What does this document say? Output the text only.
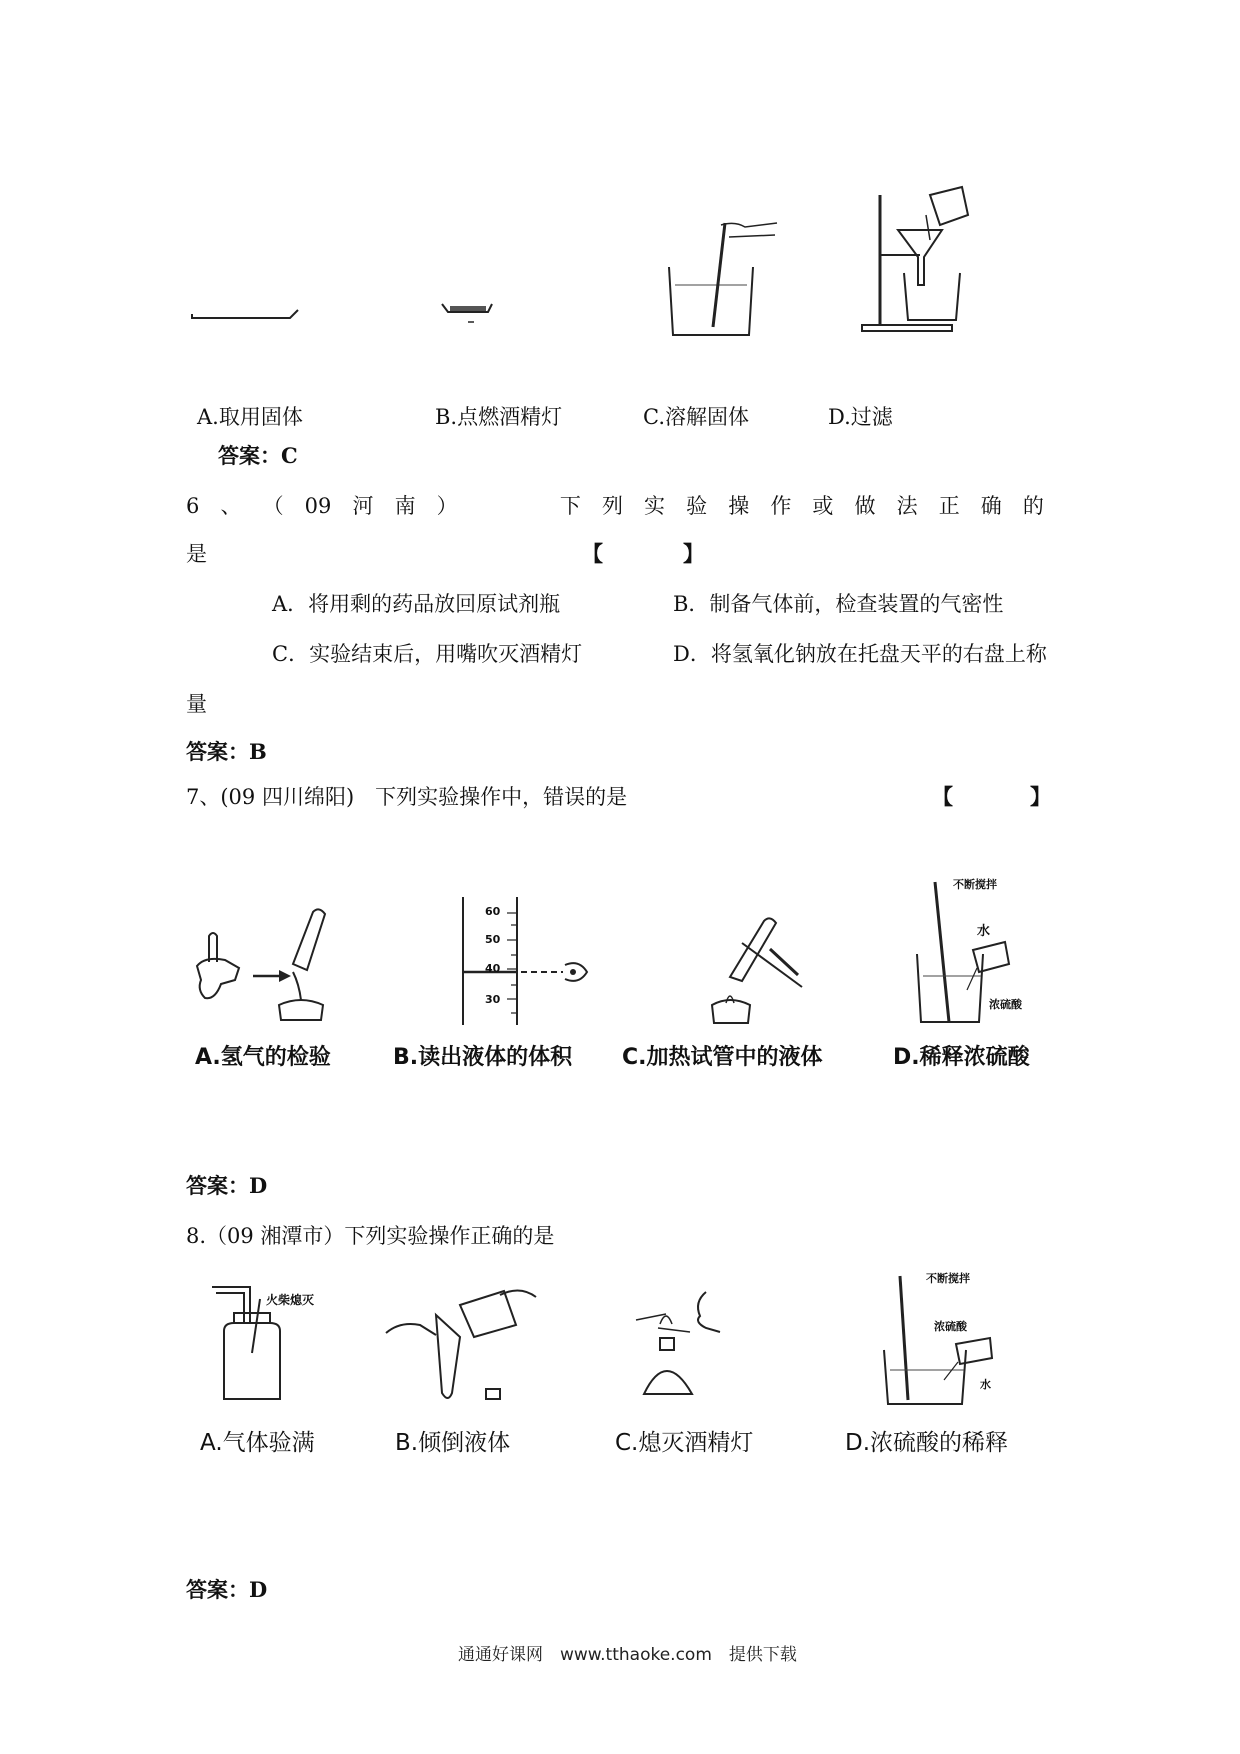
A.取用固体	B.点燃酒精灯	C.溶解固体	D.过滤
答案：C
6 、 （ 09 河 南 ）	下 列 实 验 操 作 或 做 法 正 确 的
是	【	】
A．将用剩的药品放回原试剂瓶	B．制备气体前，检查装置的气密性
C．实验结束后，用嘴吹灭酒精灯	D．将氢氧化钠放在托盘天平的右盘上称
量
答案：B
7、(09 四川绵阳)　下列实验操作中，错误的是	【	】
60
50
40
30
不断搅拌
水
浓硫酸
A.氢气的检验	B.读出液体的体积 C.加热试管中的液体	D.稀释浓硫酸
答案：D
8.（09 湘潭市）下列实验操作正确的是
火柴熄灭
不断搅拌
浓硫酸
水
A.气体验满	B.倾倒液体	C.熄灭酒精灯	D.浓硫酸的稀释
答案：D
通通好课网　www.tthaoke.com　提供下载
